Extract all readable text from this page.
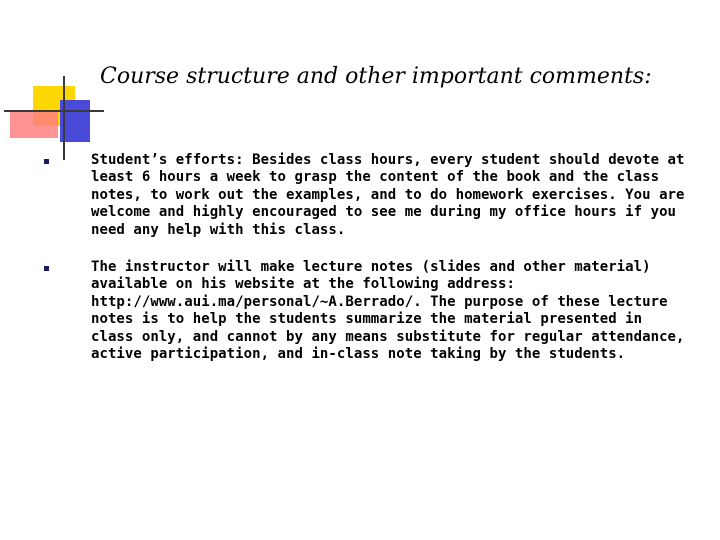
Course structure and other important comments:
Student’s efforts: Besides class hours, every student should devote at least 6 hours a week to grasp the content of the book and the class notes, to work out the examples, and to do homework exercises. You are welcome and highly encouraged to see me during my office hours if you need any help with this class.
The instructor will make lecture notes (slides and other material) available on his website at the following address: http://www.aui.ma/personal/~A.Berrado/. The purpose of these lecture notes is to help the students summarize the material presented in class only, and cannot by any means substitute for regular attendance, active participation, and in-class note taking by the students.
